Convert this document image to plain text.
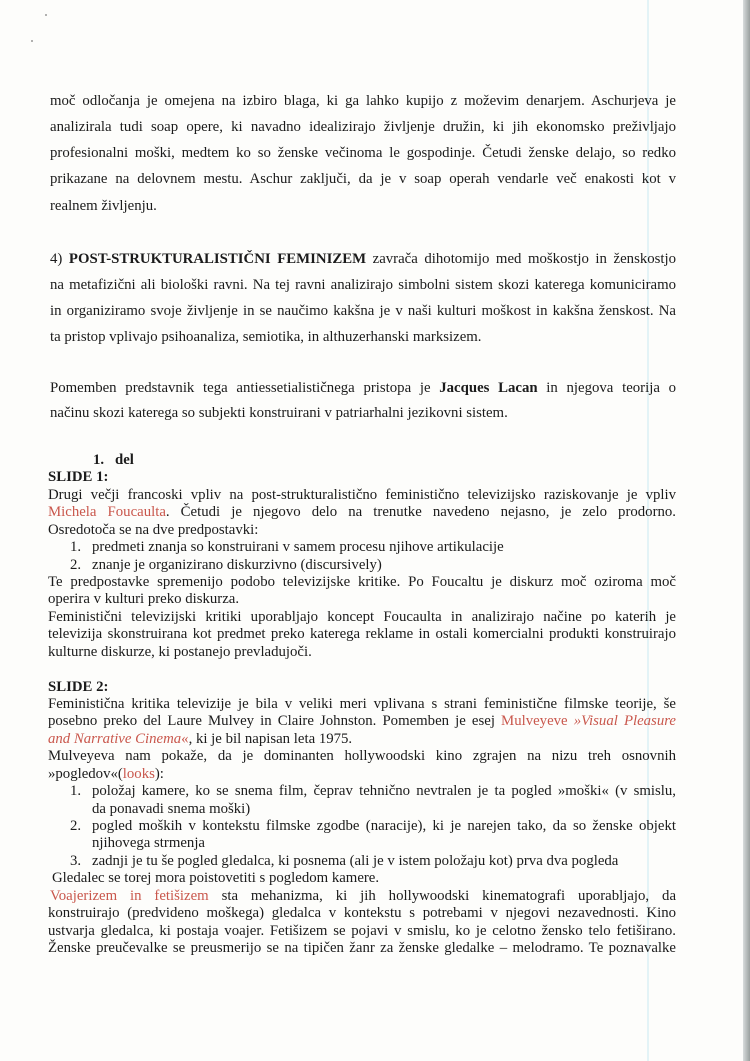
moč odločanja je omejena na izbiro blaga, ki ga lahko kupijo z moževim denarjem. Aschurjeva je
analizirala tudi soap opere, ki navadno idealizirajo življenje družin, ki jih ekonomsko preživljajo
profesionalni moški, medtem ko so ženske večinoma le gospodinje. Četudi ženske delajo, so redko
prikazane na delovnem mestu. Aschur zaključi, da je v soap operah vendarle več enakosti kot v
realnem življenju.
4) POST-STRUKTURALISTIČNI FEMINIZEM zavrača dihotomijo med moškostjo in ženskostjo
na metafizični ali biološki ravni. Na tej ravni analizirajo simbolni sistem skozi katerega komuniciramo
in organiziramo svoje življenje in se naučimo kakšna je v naši kulturi moškost in kakšna ženskost. Na
ta pristop vplivajo psihoanaliza, semiotika, in althuzerhanski marksizem.
Pomemben predstavnik tega antiessetialističnega pristopa je Jacques Lacan in njegova teorija o
načinu skozi katerega so subjekti konstruirani v patriarhalni jezikovni sistem.
1. del
SLIDE 1:
Drugi večji francoski vpliv na post-strukturalistično feministično televizijsko raziskovanje je vpliv
Michela Foucaulta. Četudi je njegovo delo na trenutke navedeno nejasno, je zelo prodorno.
Osredotoča se na dve predpostavki:
1. predmeti znanja so konstruirani v samem procesu njihove artikulacije
2. znanje je organizirano diskurzivno (discursively)
Te predpostavke spremenijo podobo televizijske kritike. Po Foucaltu je diskurz moč oziroma moč
operira v kulturi preko diskurza.
Feministični televizijski kritiki uporabljajo koncept Foucaulta in analizirajo načine po katerih je
televizija skonstruirana kot predmet preko katerega reklame in ostali komercialni produkti konstruirajo
kulturne diskurze, ki postanejo prevladujoči.
SLIDE 2:
Feministična kritika televizije je bila v veliki meri vplivana s strani feministične filmske teorije, še
posebno preko del Laure Mulvey in Claire Johnston. Pomemben je esej Mulveyeve »Visual Pleasure
and Narrative Cinema«, ki je bil napisan leta 1975.
Mulveyeva nam pokaže, da je dominanten hollywoodski kino zgrajen na nizu treh osnovnih
»pogledov«(looks):
1. položaj kamere, ko se snema film, čeprav tehnično nevtralen je ta pogled »moški« (v smislu,
da ponavadi snema moški)
2. pogled moških v kontekstu filmske zgodbe (naracije), ki je narejen tako, da so ženske objekt
njihovega strmenja
3. zadnji je tu še pogled gledalca, ki posnema (ali je v istem položaju kot) prva dva pogleda
Gledalec se torej mora poistovetiti s pogledom kamere.
Voajerizem in fetišizem sta mehanizma, ki jih hollywoodski kinematografi uporabljajo, da
konstruirajo (predvideno moškega) gledalca v kontekstu s potrebami v njegovi nezavednosti. Kino
ustvarja gledalca, ki postaja voajer. Fetišizem se pojavi v smislu, ko je celotno žensko telo fetiširano.
Ženske preučevalke se preusmerijo se na tipičen žanr za ženske gledalke – melodramo. Te poznavalke
